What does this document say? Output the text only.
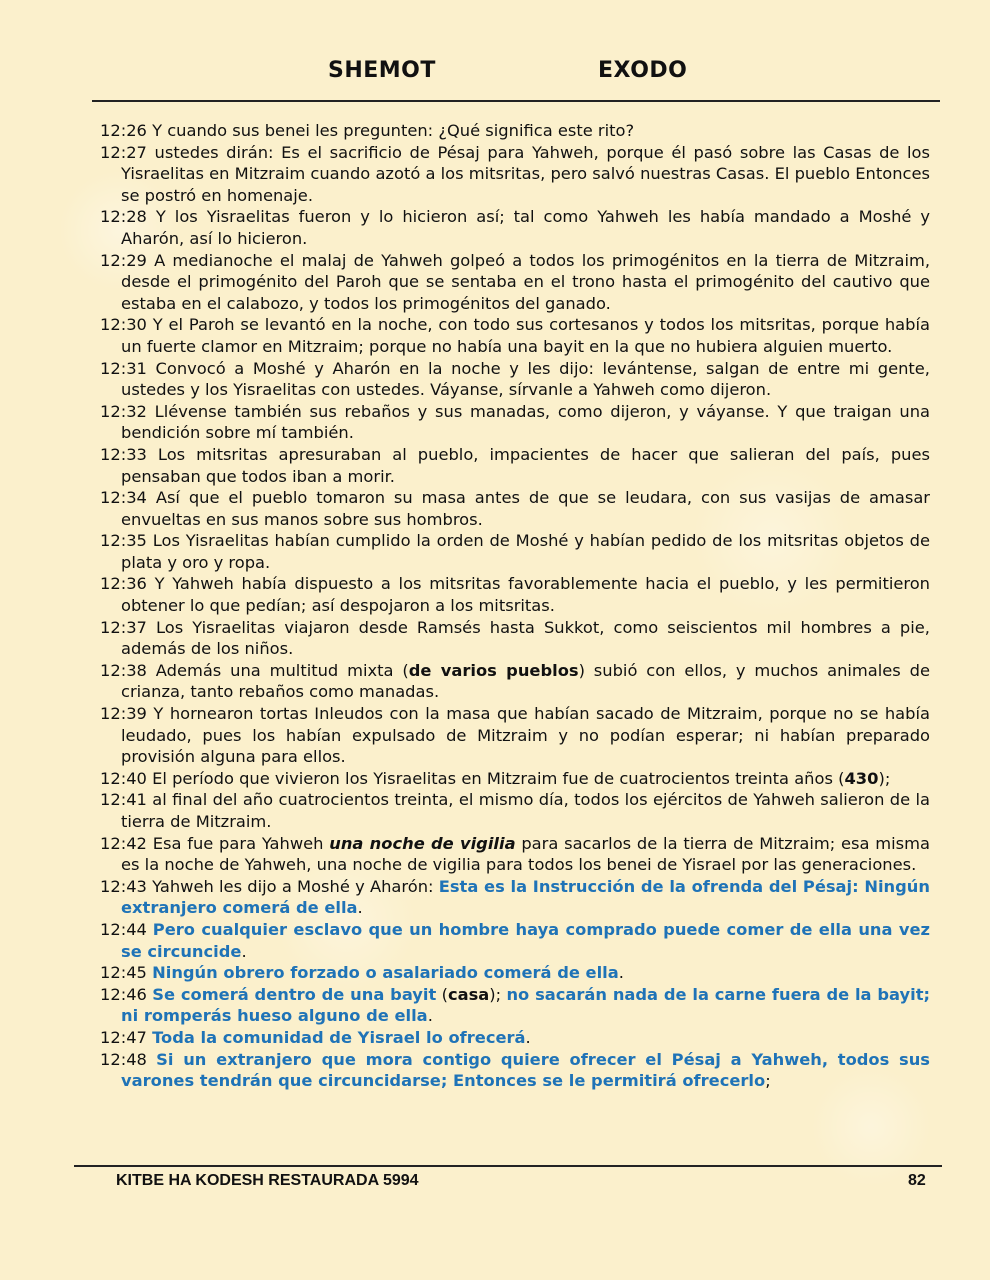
SHEMOT	EXODO

12:26 Y cuando sus benei les pregunten: ¿Qué significa este rito?

12:27 ustedes dirán: Es el sacrificio de Pésaj para Yahweh, porque él pasó sobre las Casas de los Yisraelitas en Mitzraim cuando azotó a los mitsritas, pero salvó nuestras Casas. El pueblo Entonces se postró en homenaje.

12:28 Y los Yisraelitas fueron y lo hicieron así; tal como Yahweh les había mandado a Moshé y Aharón, así lo hicieron.

12:29 A medianoche el malaj de Yahweh golpeó a todos los primogénitos en la tierra de Mitzraim, desde el primogénito del Paroh que se sentaba en el trono hasta el primogénito del cautivo que estaba en el calabozo, y todos los primogénitos del ganado.

12:30 Y el Paroh se levantó en la noche, con todo sus cortesanos y todos los mitsritas, porque había un fuerte clamor en Mitzraim; porque no había una bayit en la que no hubiera alguien muerto.

12:31 Convocó a Moshé y Aharón en la noche y les dijo: levántense, salgan de entre mi gente, ustedes y los Yisraelitas con ustedes. Váyanse, sírvanle a Yahweh como dijeron.

12:32 Llévense también sus rebaños y sus manadas, como dijeron, y váyanse. Y que traigan una bendición sobre mí también.

12:33 Los mitsritas apresuraban al pueblo, impacientes de hacer que salieran del país, pues pensaban que todos iban a morir.

12:34 Así que el pueblo tomaron su masa antes de que se leudara, con sus vasijas de amasar envueltas en sus manos sobre sus hombros.

12:35 Los Yisraelitas habían cumplido la orden de Moshé y habían pedido de los mitsritas objetos de plata y oro y ropa.

12:36 Y Yahweh había dispuesto a los mitsritas favorablemente hacia el pueblo, y les permitieron obtener lo que pedían; así despojaron a los mitsritas.

12:37 Los Yisraelitas viajaron desde Ramsés hasta Sukkot, como seiscientos mil hombres a pie, además de los niños.

12:38 Además una multitud mixta (de varios pueblos) subió con ellos, y muchos animales de crianza, tanto rebaños como manadas.

12:39 Y hornearon tortas Inleudos con la masa que habían sacado de Mitzraim, porque no se había leudado, pues los habían expulsado de Mitzraim y no podían esperar; ni habían preparado provisión alguna para ellos.

12:40 El período que vivieron los Yisraelitas en Mitzraim fue de cuatrocientos treinta años (430);

12:41 al final del año cuatrocientos treinta, el mismo día, todos los ejércitos de Yahweh salieron de la tierra de Mitzraim.

12:42 Esa fue para Yahweh una noche de vigilia para sacarlos de la tierra de Mitzraim; esa misma es la noche de Yahweh, una noche de vigilia para todos los benei de Yisrael por las generaciones.

12:43 Yahweh les dijo a Moshé y Aharón: Esta es la Instrucción de la ofrenda del Pésaj: Ningún extranjero comerá de ella.

12:44 Pero cualquier esclavo que un hombre haya comprado puede comer de ella una vez se circuncide.

12:45 Ningún obrero forzado o asalariado comerá de ella.

12:46 Se comerá dentro de una bayit (casa); no sacarán nada de la carne fuera de la bayit; ni romperás hueso alguno de ella.

12:47 Toda la comunidad de Yisrael lo ofrecerá.

12:48 Si un extranjero que mora contigo quiere ofrecer el Pésaj a Yahweh, todos sus varones tendrán que circuncidarse; Entonces se le permitirá ofrecerlo;

KITBE HA KODESH RESTAURADA 5994	82
